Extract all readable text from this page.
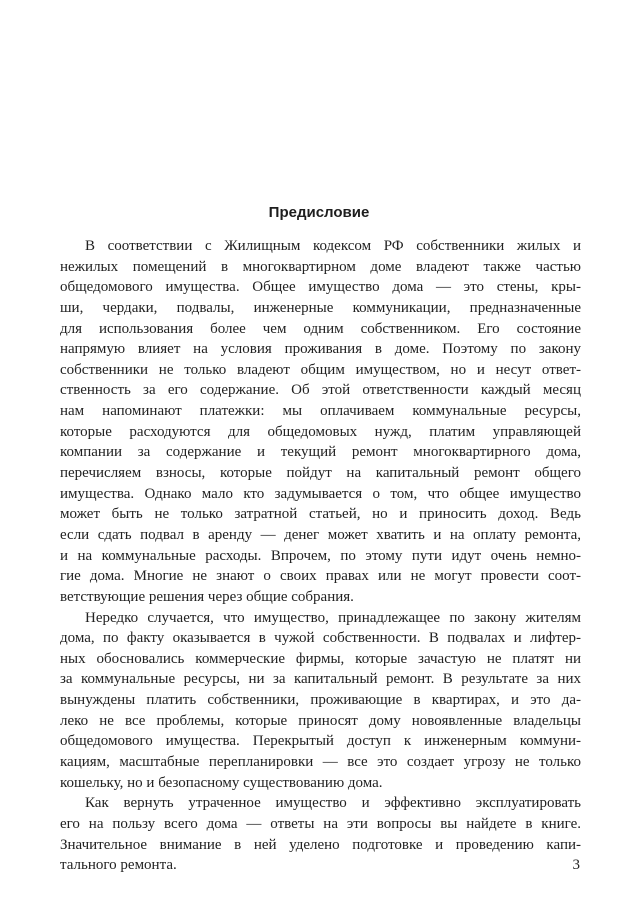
Предисловие

В соответствии с Жилищным кодексом РФ собственники жилых и
нежилых помещений в многоквартирном доме владеют также частью
общедомового имущества. Общее имущество дома — это стены, кры-
ши, чердаки, подвалы, инженерные коммуникации, предназначенные
для использования более чем одним собственником. Его состояние
напрямую влияет на условия проживания в доме. Поэтому по закону
собственники не только владеют общим имуществом, но и несут ответ-
ственность за его содержание. Об этой ответственности каждый месяц
нам напоминают платежки: мы оплачиваем коммунальные ресурсы,
которые расходуются для общедомовых нужд, платим управляющей
компании за содержание и текущий ремонт многоквартирного дома,
перечисляем взносы, которые пойдут на капитальный ремонт общего
имущества. Однако мало кто задумывается о том, что общее имущество
может быть не только затратной статьей, но и приносить доход. Ведь
если сдать подвал в аренду — денег может хватить и на оплату ремонта,
и на коммунальные расходы. Впрочем, по этому пути идут очень немно-
гие дома. Многие не знают о своих правах или не могут провести соот-
ветствующие решения через общие собрания.

Нередко случается, что имущество, принадлежащее по закону жителям
дома, по факту оказывается в чужой собственности. В подвалах и лифтер-
ных обосновались коммерческие фирмы, которые зачастую не платят ни
за коммунальные ресурсы, ни за капитальный ремонт. В результате за них
вынуждены платить собственники, проживающие в квартирах, и это да-
леко не все проблемы, которые приносят дому новоявленные владельцы
общедомового имущества. Перекрытый доступ к инженерным коммуни-
кациям, масштабные перепланировки — все это создает угрозу не только
кошельку, но и безопасному существованию дома.

Как вернуть утраченное имущество и эффективно эксплуатировать
его на пользу всего дома — ответы на эти вопросы вы найдете в книге.
Значительное внимание в ней уделено подготовке и проведению капи-
тального ремонта.	3
